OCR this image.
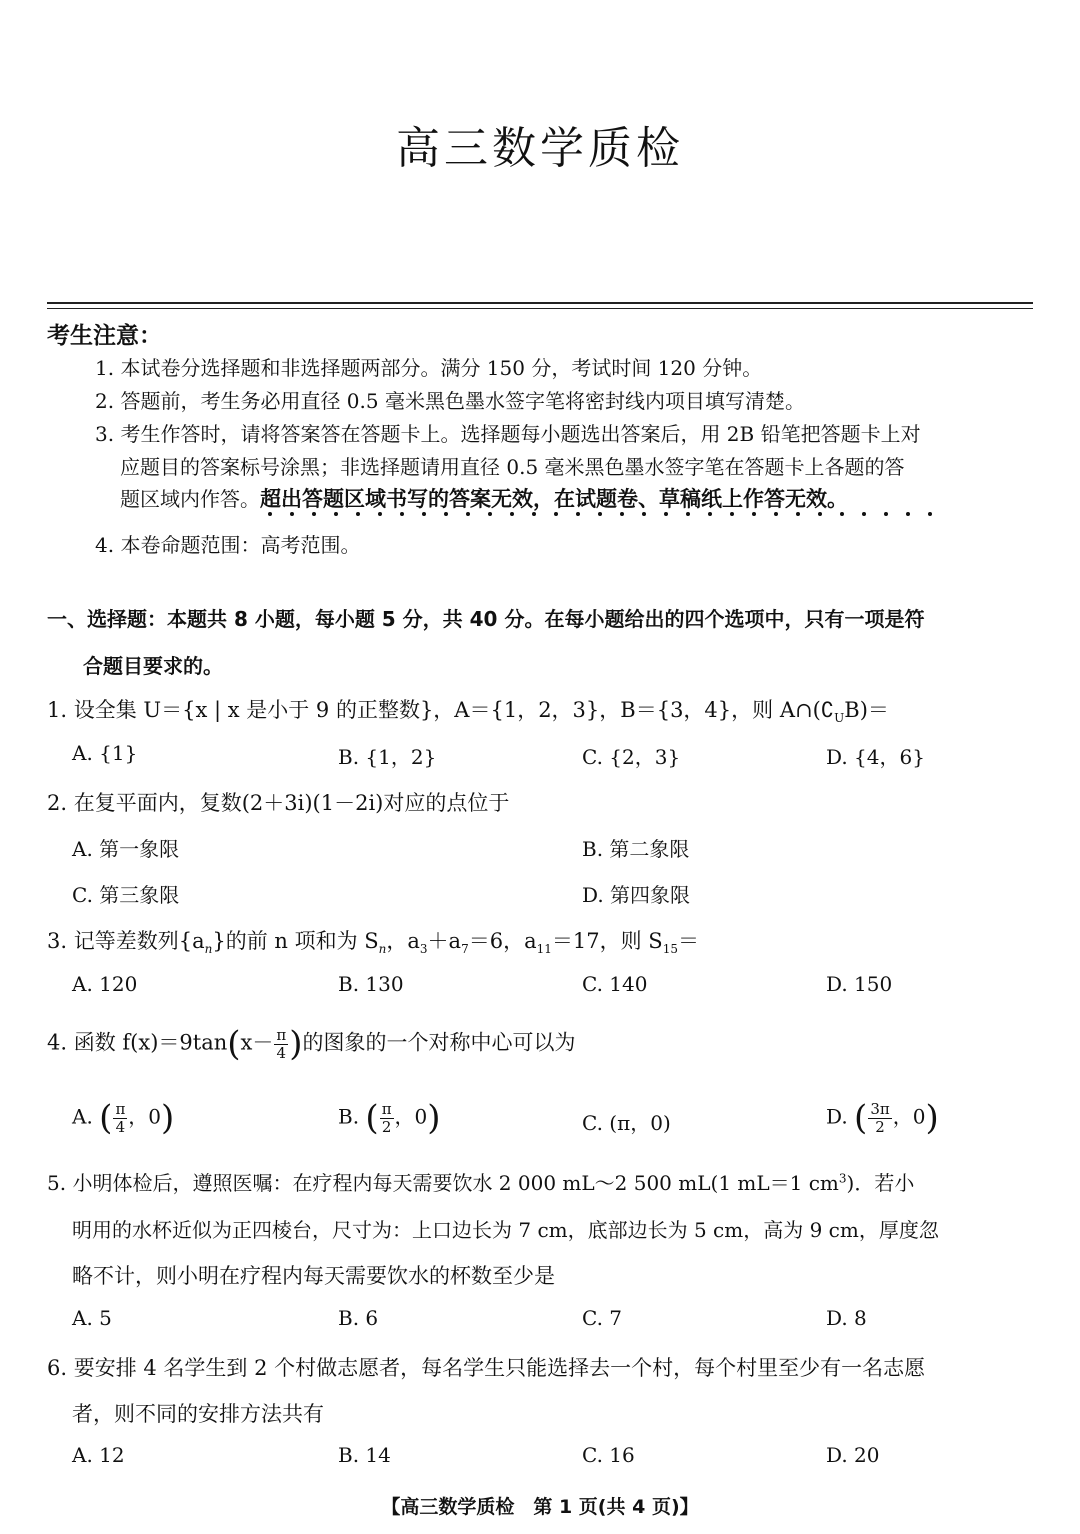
高三数学质检
考生注意：
1. 本试卷分选择题和非选择题两部分。满分 150 分，考试时间 120 分钟。
2. 答题前，考生务必用直径 0.5 毫米黑色墨水签字笔将密封线内项目填写清楚。
3. 考生作答时，请将答案答在答题卡上。选择题每小题选出答案后，用 2B 铅笔把答题卡上对
应题目的答案标号涂黑；非选择题请用直径 0.5 毫米黑色墨水签字笔在答题卡上各题的答
题区域内作答。超出答题区域书写的答案无效，在试题卷、草稿纸上作答无效。
4. 本卷命题范围：高考范围。
一、选择题：本题共 8 小题，每小题 5 分，共 40 分。在每小题给出的四个选项中，只有一项是符
合题目要求的。
1. 设全集 U＝{x | x 是小于 9 的正整数}，A＝{1，2，3}，B＝{3，4}，则 $A\cap(∁_UB)=$
A. {1}	B. {1，2}	C. {2，3}	D. {4，6}
2. 在复平面内，复数(2＋3i)(1－2i)对应的点位于
A. 第一象限	B. 第二象限
C. 第三象限	D. 第四象限
3. 记等差数列$\{a_n\}$的前 n 项和为 $S_n$，$a_3+a_7=6$，$a_{11}=17$，则 $S_{15}=$
A. 120	B. 130	C. 140	D. 150
4. 函数 $f(x)=9\tan(x- \frac{\pi}{4}$ )的图象的一个对称中心可以为
A. ( $\frac{\pi}{4}$ ，0)	B. ( $\frac{\pi}{2}$ ，0)	C. (π，0)	D. ( $\frac{3\pi}{2}$ ，0)
5. 小明体检后，遵照医嘱：在疗程内每天需要饮水 2 000 mL～2 500 mL(1 mL＝1 $cm^3$)．若小
明用的水杯近似为正四棱台，尺寸为：上口边长为 7 cm，底部边长为 5 cm，高为 9 cm，厚度忽
略不计，则小明在疗程内每天需要饮水的杯数至少是
A. 5	B. 6	C. 7	D. 8
6. 要安排 4 名学生到 2 个村做志愿者，每名学生只能选择去一个村，每个村里至少有一名志愿
者，则不同的安排方法共有
A. 12	B. 14	C. 16	D. 20
【高三数学质检　第 1 页(共 4 页)】
